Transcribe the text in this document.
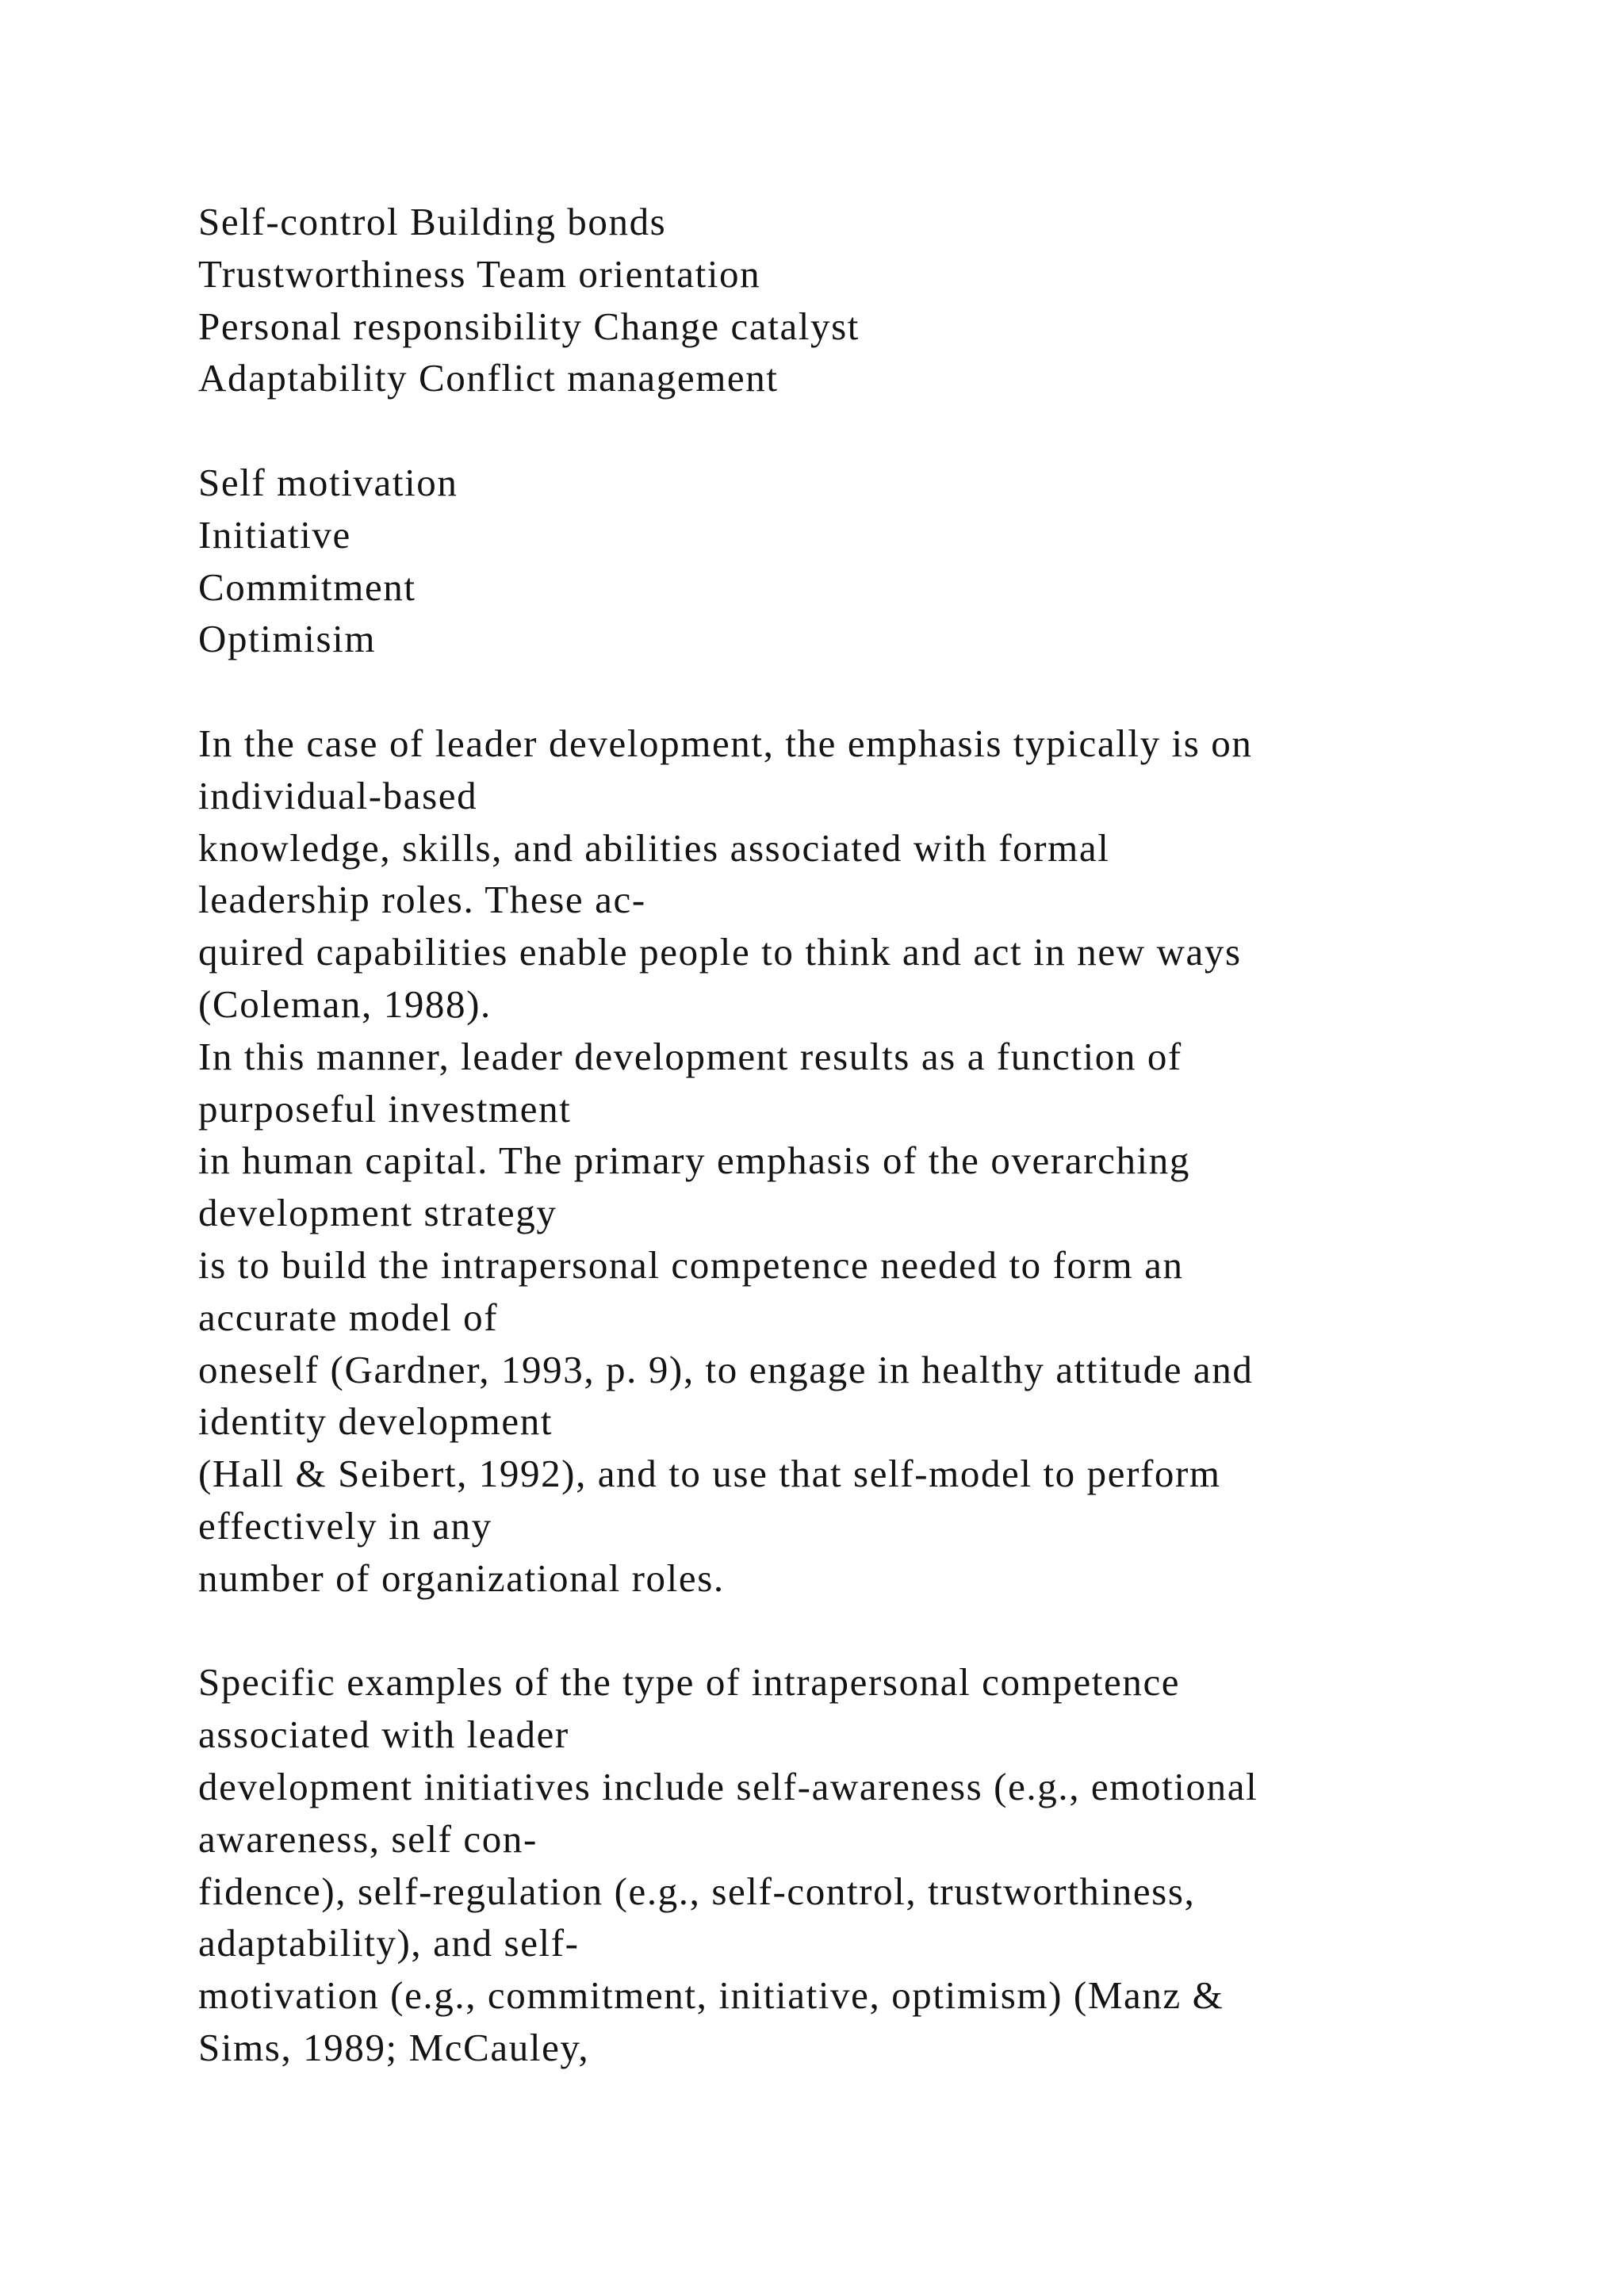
Self-control Building bonds
Trustworthiness Team orientation
Personal responsibility Change catalyst
Adaptability Conflict management
Self motivation
Initiative
Commitment
Optimisim
In the case of leader development, the emphasis typically is on
individual-based
knowledge, skills, and abilities associated with formal
leadership roles. These ac-
quired capabilities enable people to think and act in new ways
(Coleman, 1988).
In this manner, leader development results as a function of
purposeful investment
in human capital. The primary emphasis of the overarching
development strategy
is to build the intrapersonal competence needed to form an
accurate model of
oneself (Gardner, 1993, p. 9), to engage in healthy attitude and
identity development
(Hall & Seibert, 1992), and to use that self-model to perform
effectively in any
number of organizational roles.
Specific examples of the type of intrapersonal competence
associated with leader
development initiatives include self-awareness (e.g., emotional
awareness, self con-
fidence), self-regulation (e.g., self-control, trustworthiness,
adaptability), and self-
motivation (e.g., commitment, initiative, optimism) (Manz &
Sims, 1989; McCauley,
